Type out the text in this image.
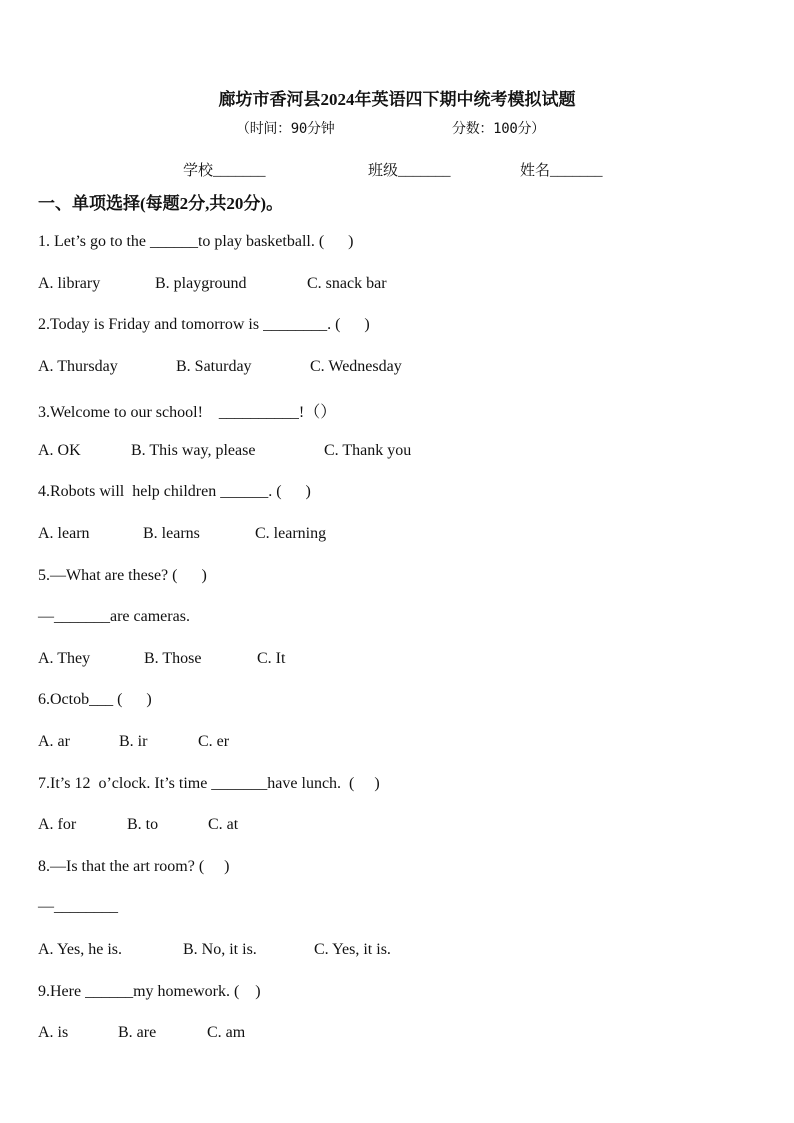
廊坊市香河县2024年英语四下期中统考模拟试题
（时间：90分钟	分数：100分）
学校_______	班级_______	姓名_______
一、单项选择(每题2分,共20分)。
1. Let’s go to the ______to play basketball. (      )
A. library	B. playground	C. snack bar
2.Today is Friday and tomorrow is ________. (      )
A. Thursday	B. Saturday	C. Wednesday
3.Welcome to our school!    __________!（）
A. OK	B. This way, please	C. Thank you
4.Robots will  help children ______. (      )
A. learn	B. learns	C. learning
5.—What are these? (      )
—_______are cameras.
A. They	B. Those	C. It
6.Octob___ (      )
A. ar	B. ir	C. er
7.It’s 12  o’clock. It’s time _______have lunch.  (     )
A. for	B. to	C. at
8.—Is that the art room? (     )
—________
A. Yes, he is.	B. No, it is.	C. Yes, it is.
9.Here ______my homework. (    )
A. is	B. are	C. am
